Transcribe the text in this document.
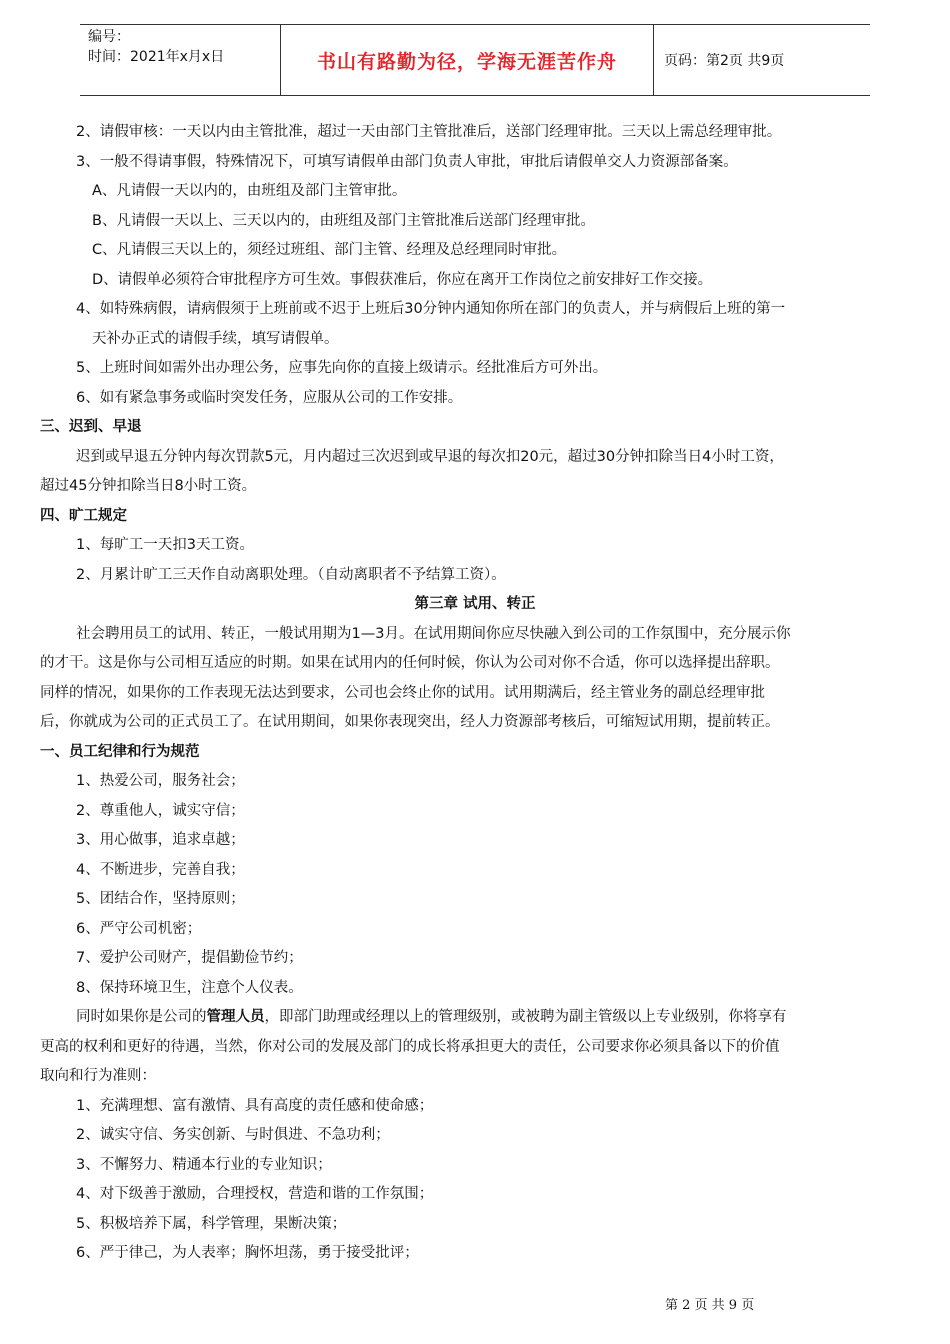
编号：
时间：2021年x月x日	书山有路勤为径，学海无涯苦作舟	页码：第2页 共9页
2、请假审核：一天以内由主管批准，超过一天由部门主管批准后，送部门经理审批。三天以上需总经理审批。
3、一般不得请事假，特殊情况下，可填写请假单由部门负责人审批，审批后请假单交人力资源部备案。
A、凡请假一天以内的，由班组及部门主管审批。
B、凡请假一天以上、三天以内的，由班组及部门主管批准后送部门经理审批。
C、凡请假三天以上的，须经过班组、部门主管、经理及总经理同时审批。
D、请假单必须符合审批程序方可生效。事假获准后，你应在离开工作岗位之前安排好工作交接。
4、如特殊病假，请病假须于上班前或不迟于上班后30分钟内通知你所在部门的负责人，并与病假后上班的第一
天补办正式的请假手续，填写请假单。
5、上班时间如需外出办理公务，应事先向你的直接上级请示。经批准后方可外出。
6、如有紧急事务或临时突发任务，应服从公司的工作安排。
三、迟到、早退
迟到或早退五分钟内每次罚款5元，月内超过三次迟到或早退的每次扣20元，超过30分钟扣除当日4小时工资，
超过45分钟扣除当日8小时工资。
四、旷工规定
1、每旷工一天扣3天工资。
2、月累计旷工三天作自动离职处理。（自动离职者不予结算工资）。
第三章 试用、转正
社会聘用员工的试用、转正，一般试用期为1—3月。在试用期间你应尽快融入到公司的工作氛围中，充分展示你
的才干。这是你与公司相互适应的时期。如果在试用内的任何时候，你认为公司对你不合适，你可以选择提出辞职。
同样的情况，如果你的工作表现无法达到要求，公司也会终止你的试用。试用期满后，经主管业务的副总经理审批
后，你就成为公司的正式员工了。在试用期间，如果你表现突出，经人力资源部考核后，可缩短试用期，提前转正。
一、员工纪律和行为规范
1、热爱公司，服务社会；
2、尊重他人，诚实守信；
3、用心做事，追求卓越；
4、不断进步，完善自我；
5、团结合作，坚持原则；
6、严守公司机密；
7、爱护公司财产，提倡勤俭节约；
8、保持环境卫生，注意个人仪表。
同时如果你是公司的管理人员，即部门助理或经理以上的管理级别，或被聘为副主管级以上专业级别，你将享有
更高的权利和更好的待遇，当然，你对公司的发展及部门的成长将承担更大的责任，公司要求你必须具备以下的价值
取向和行为准则：
1、充满理想、富有激情、具有高度的责任感和使命感；
2、诚实守信、务实创新、与时俱进、不急功利；
3、不懈努力、精通本行业的专业知识；
4、对下级善于激励，合理授权，营造和谐的工作氛围；
5、积极培养下属，科学管理，果断决策；
6、严于律己，为人表率；胸怀坦荡，勇于接受批评；
第 2 页 共 9 页
